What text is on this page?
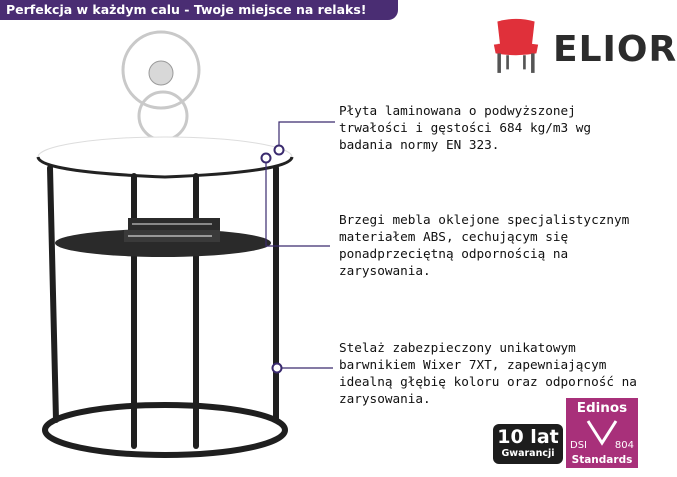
Perfekcja w każdym calu - Twoje miejsce na relaks!
ELIOR

Płyta laminowana o podwyższonej trwałości i gęstości 684 kg/m3 wg badania normy EN 323.

Brzegi mebla oklejone specjalistycznym materiałem ABS, cechującym się ponadprzeciętną odpornością na zarysowania.

Stelaż zabezpieczony unikatowym barwnikiem Wixer 7XT, zapewniającym idealną głębię koloru oraz odporność na zarysowania.

10 lat
Gwarancji
Edinos
DSI	804
Standards
